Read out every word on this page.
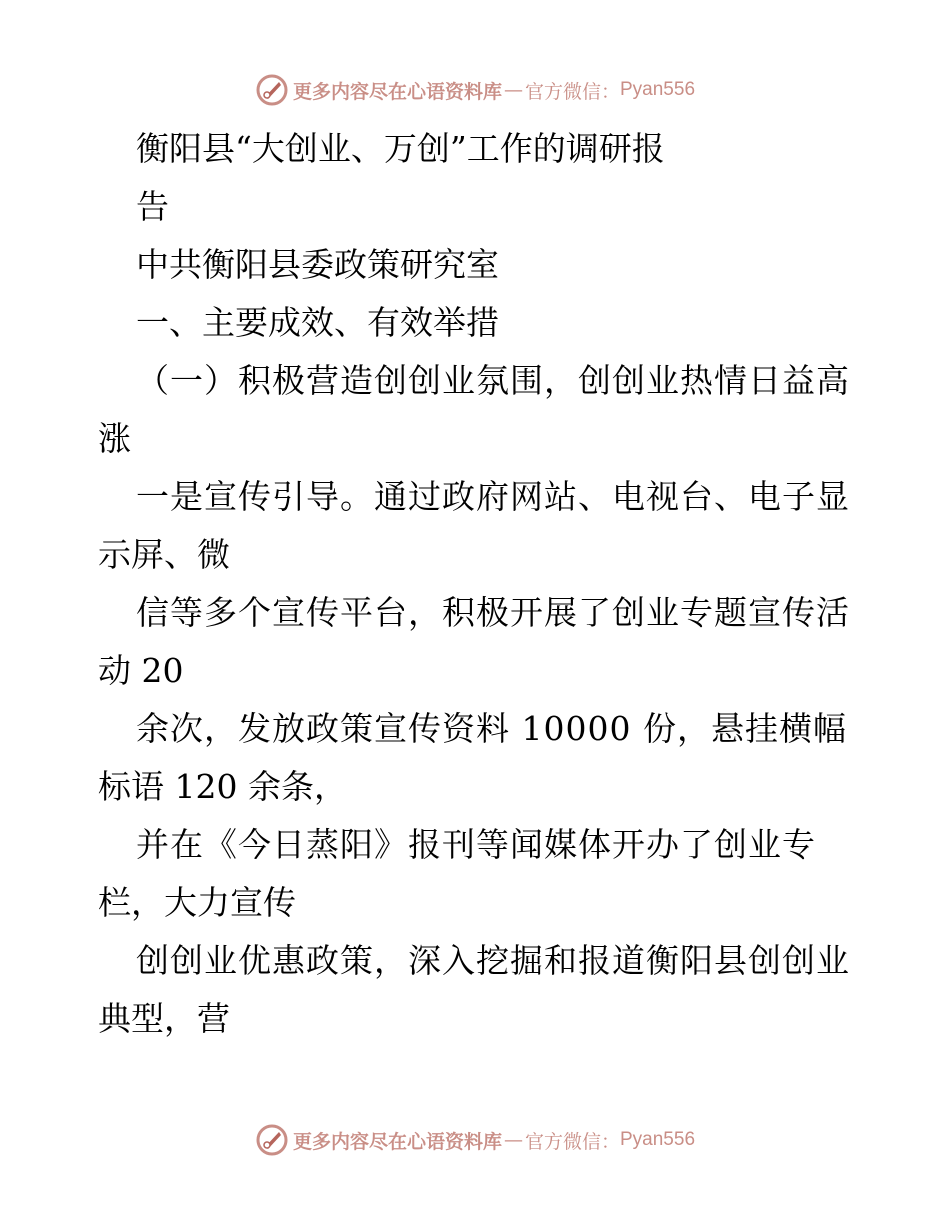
更多内容尽在心语资料库 — 官方微信： Pyan556

衡阳县“大创业、万创”工作的调研报

告

中共衡阳县委政策研究室

一、主要成效、有效举措

（一）积极营造创创业氛围，创创业热情日益高

涨

一是宣传引导。通过政府网站、电视台、电子显

示屏、微

信等多个宣传平台，积极开展了创业专题宣传活

动 20

余次，发放政策宣传资料 10000 份，悬挂横幅

标语 120 余条，

并在《今日蒸阳》报刊等闻媒体开办了创业专

栏，大力宣传

创创业优惠政策，深入挖掘和报道衡阳县创创业

典型，营

更多内容尽在心语资料库 — 官方微信： Pyan556
